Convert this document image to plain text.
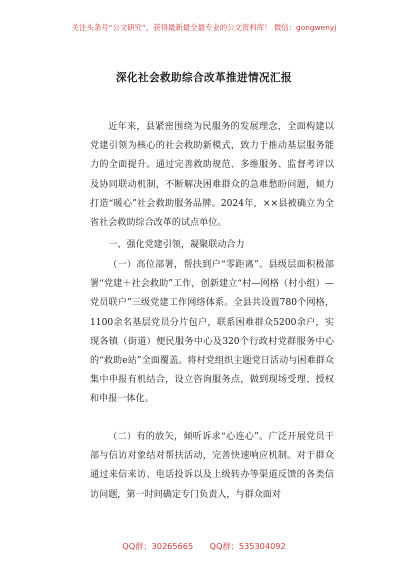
关注头条号“公文研究”，获得最新最全最专业的公文资料库！ 微信：gongwenyj
深化社会救助综合改革推进情况汇报

近年来，县紧密围绕为民服务的发展理念，全面构建以党建引领为核心的社会救助新模式，致力于推动基层服务能力的全面提升。通过完善救助规范、多维服务、监督考评以及协同联动机制，不断解决困难群众的急难愁盼问题，倾力打造“暖心”社会救助服务品牌。2024年，××县被确立为全省社会救助综合改革的试点单位。

一、强化党建引领，凝聚联动合力

（一）高位部署，帮扶到户“零距离”。县级层面积极部署“党建＋社会救助”工作，创新建立“村—网格（村小组）—党员联户”三级党建工作网络体系。全县共设置780个网格，1100余名基层党员分片包户，联系困难群众5200余户，实现各镇（街道）便民服务中心及320个行政村党群服务中心的“救助e站”全面覆盖。将村党组织主题党日活动与困难群众集中申报有机结合，设立咨询服务点，做到现场受理、授权和申报一体化。

（二）有的放矢，倾听诉求“心连心”。广泛开展党员干部与信访对象结对帮扶活动，完善快速响应机制。对于群众通过来信来访、电话投诉以及上级转办等渠道反馈的各类信访问题，第一时间确定专门负责人，与群众面对

QQ群：30265665　　QQ群：535304092
